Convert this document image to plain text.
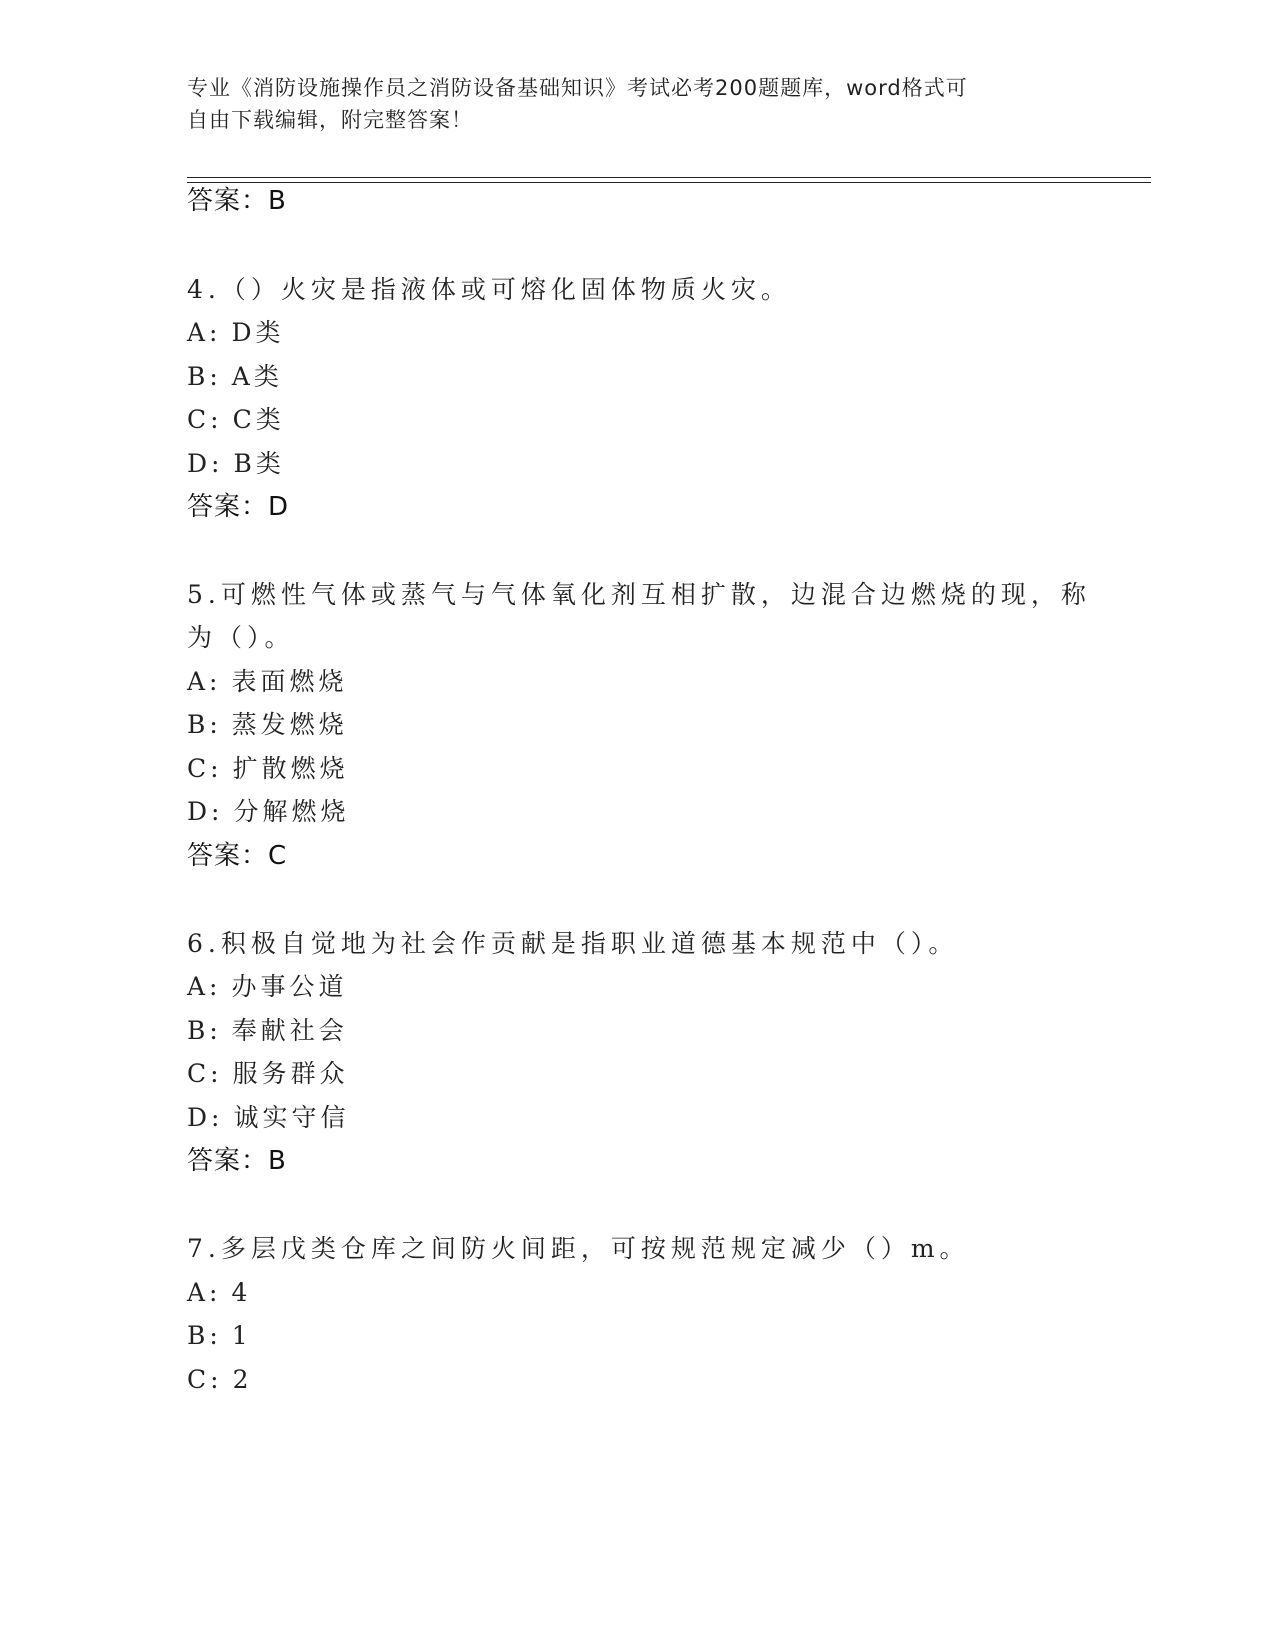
专业《消防设施操作员之消防设备基础知识》考试必考200题题库，word格式可
自由下载编辑，附完整答案！
答案：B
4.（）火灾是指液体或可熔化固体物质火灾。
A: D类
B: A类
C: C类
D: B类
答案：D
5.可燃性气体或蒸气与气体氧化剂互相扩散，边混合边燃烧的现，称
为（）。
A: 表面燃烧
B: 蒸发燃烧
C: 扩散燃烧
D: 分解燃烧
答案：C
6.积极自觉地为社会作贡献是指职业道德基本规范中（）。
A: 办事公道
B: 奉献社会
C: 服务群众
D: 诚实守信
答案：B
7.多层戊类仓库之间防火间距，可按规范规定减少（）m。
A: 4
B: 1
C: 2
